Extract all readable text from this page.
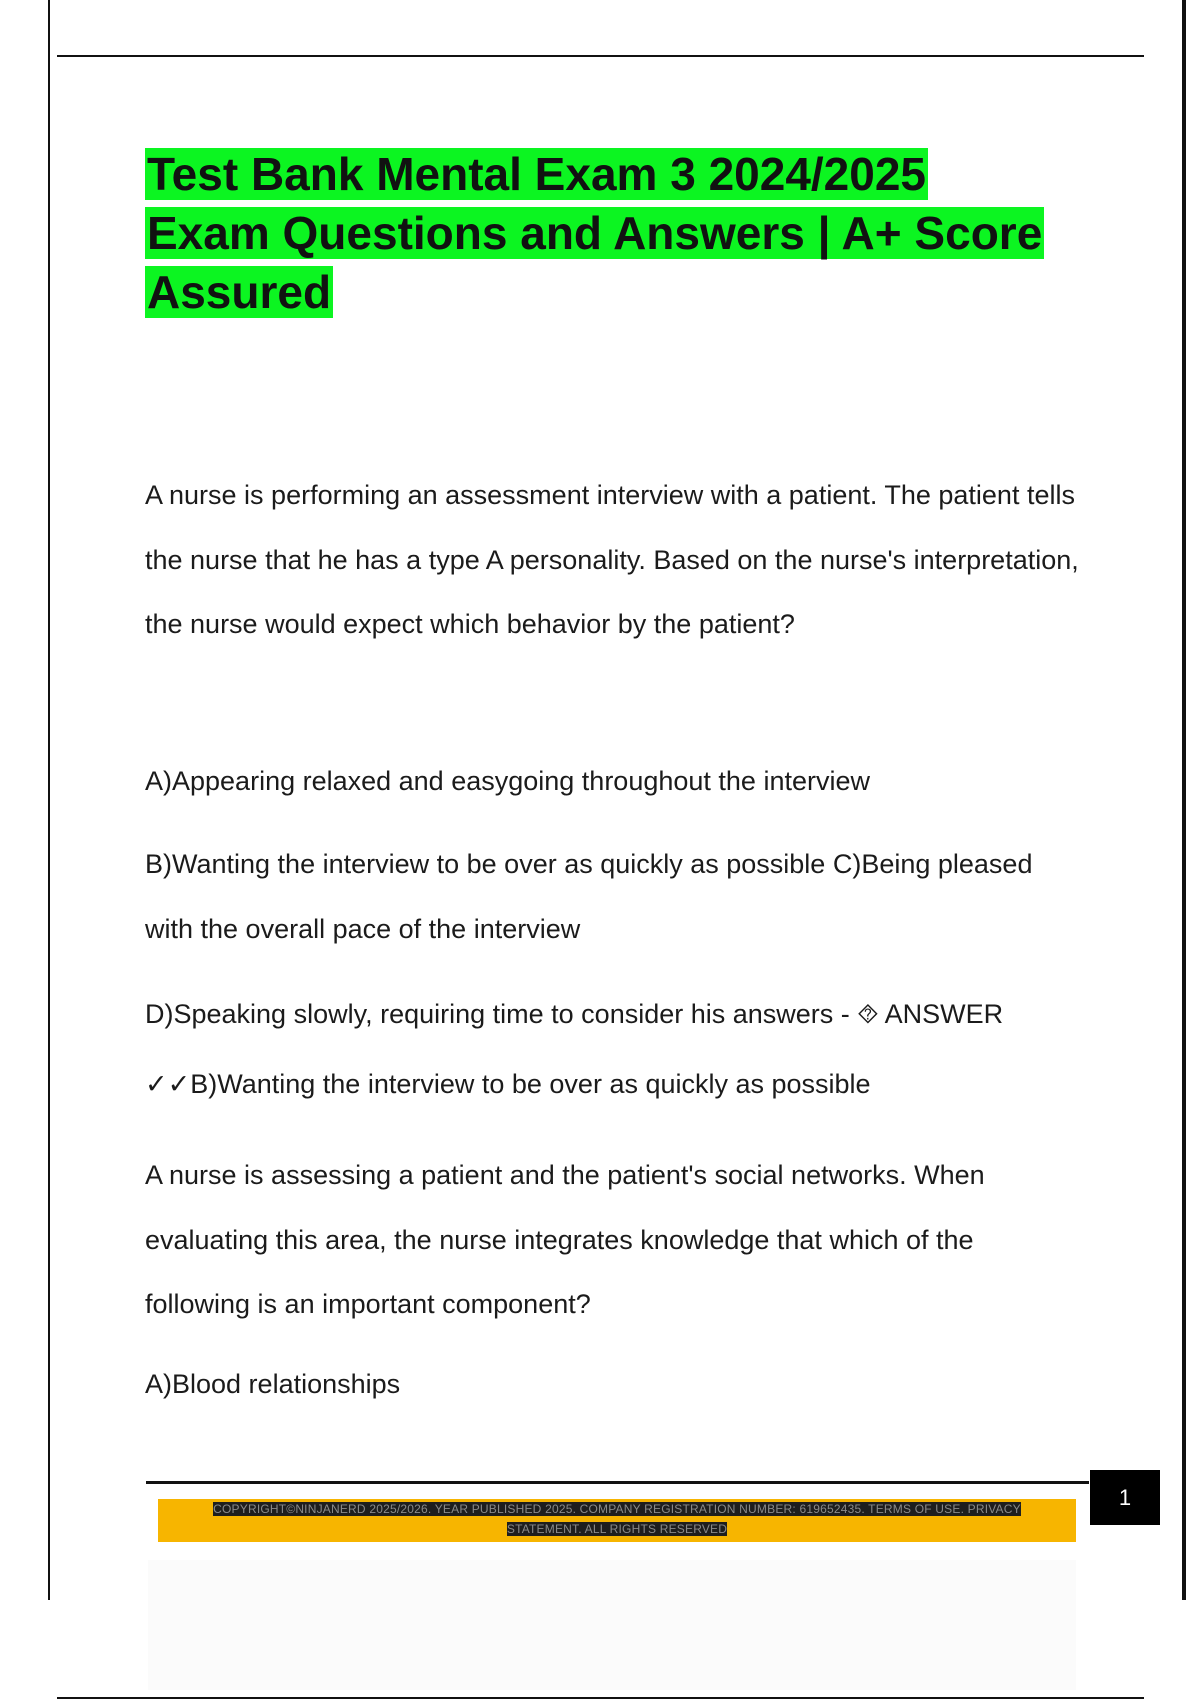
Test Bank Mental Exam 3 2024/2025 Exam Questions and Answers | A+ Score Assured

A nurse is performing an assessment interview with a patient. The patient tells the nurse that he has a type A personality. Based on the nurse's interpretation, the nurse would expect which behavior by the patient?

A)Appearing relaxed and easygoing throughout the interview

B)Wanting the interview to be over as quickly as possible C)Being pleased

with the overall pace of the interview

D)Speaking slowly, requiring time to consider his answers - ⯑ ANSWER

✓✓B)Wanting the interview to be over as quickly as possible

A nurse is assessing a patient and the patient's social networks. When evaluating this area, the nurse integrates knowledge that which of the following is an important component?

A)Blood relationships

1
COPYRIGHT©NINJANERD 2025/2026. YEAR PUBLISHED 2025. COMPANY REGISTRATION NUMBER: 619652435. TERMS OF USE. PRIVACY
STATEMENT. ALL RIGHTS RESERVED
